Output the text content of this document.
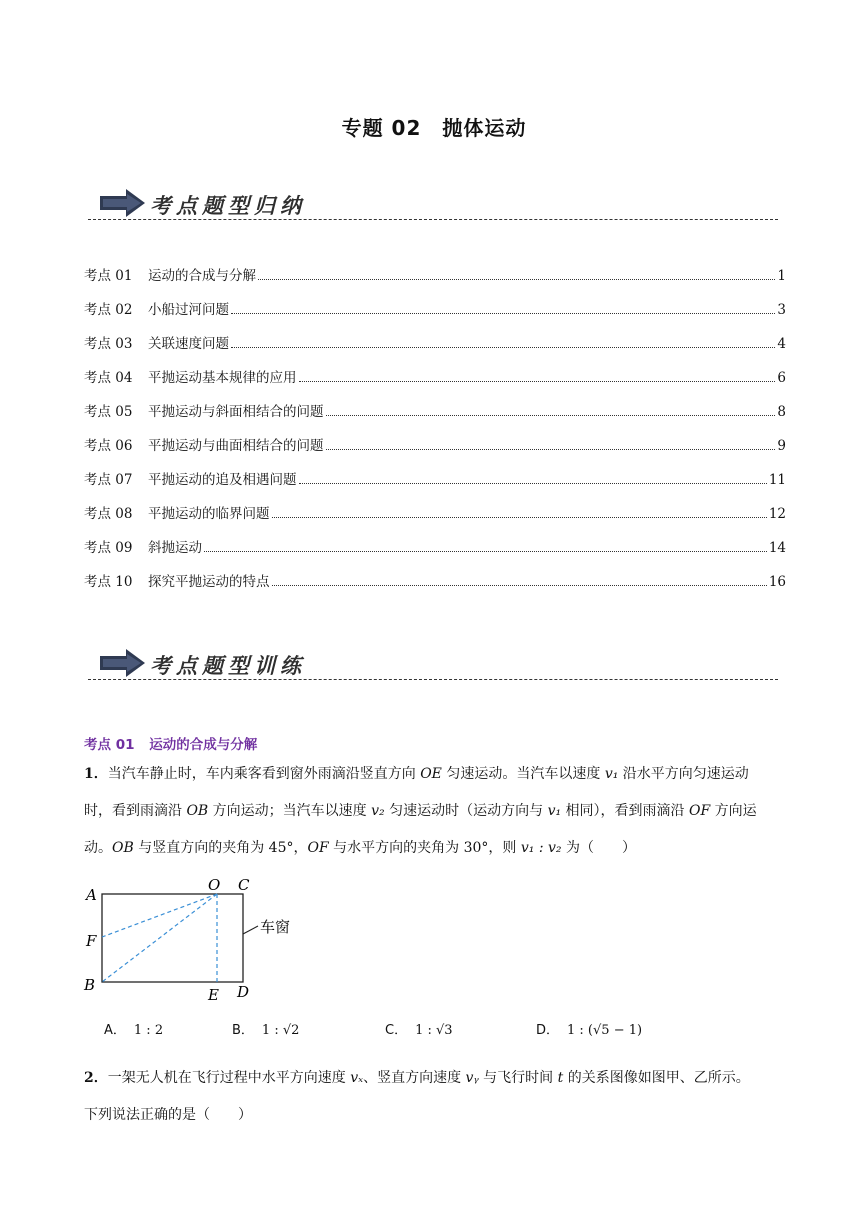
专题 02　抛体运动
考点题型归纳
考点 01	运动的合成与分解	1
考点 02	小船过河问题	3
考点 03	关联速度问题	4
考点 04	平抛运动基本规律的应用	6
考点 05	平抛运动与斜面相结合的问题	8
考点 06	平抛运动与曲面相结合的问题	9
考点 07	平抛运动的追及相遇问题	11
考点 08	平抛运动的临界问题	12
考点 09	斜抛运动	14
考点 10	探究平抛运动的特点	16
考点题型训练
考点 01 运动的合成与分解
1．当汽车静止时，车内乘客看到窗外雨滴沿竖直方向 OE 匀速运动。当汽车以速度 v₁ 沿水平方向匀速运动
时，看到雨滴沿 OB 方向运动；当汽车以速度 v₂ 匀速运动时（运动方向与 v₁ 相同），看到雨滴沿 OF 方向运
动。OB 与竖直方向的夹角为 45°，OF 与水平方向的夹角为 30°，则 v₁ : v₂ 为（　　）
A
O C
F
B
E D
车窗
A． 1 : 2	B． 1 : √2	C． 1 : √3	D． 1 : (√5 − 1)
2．一架无人机在飞行过程中水平方向速度 vₓ、竖直方向速度 vᵧ 与飞行时间 t 的关系图像如图甲、乙所示。
下列说法正确的是（　　）
